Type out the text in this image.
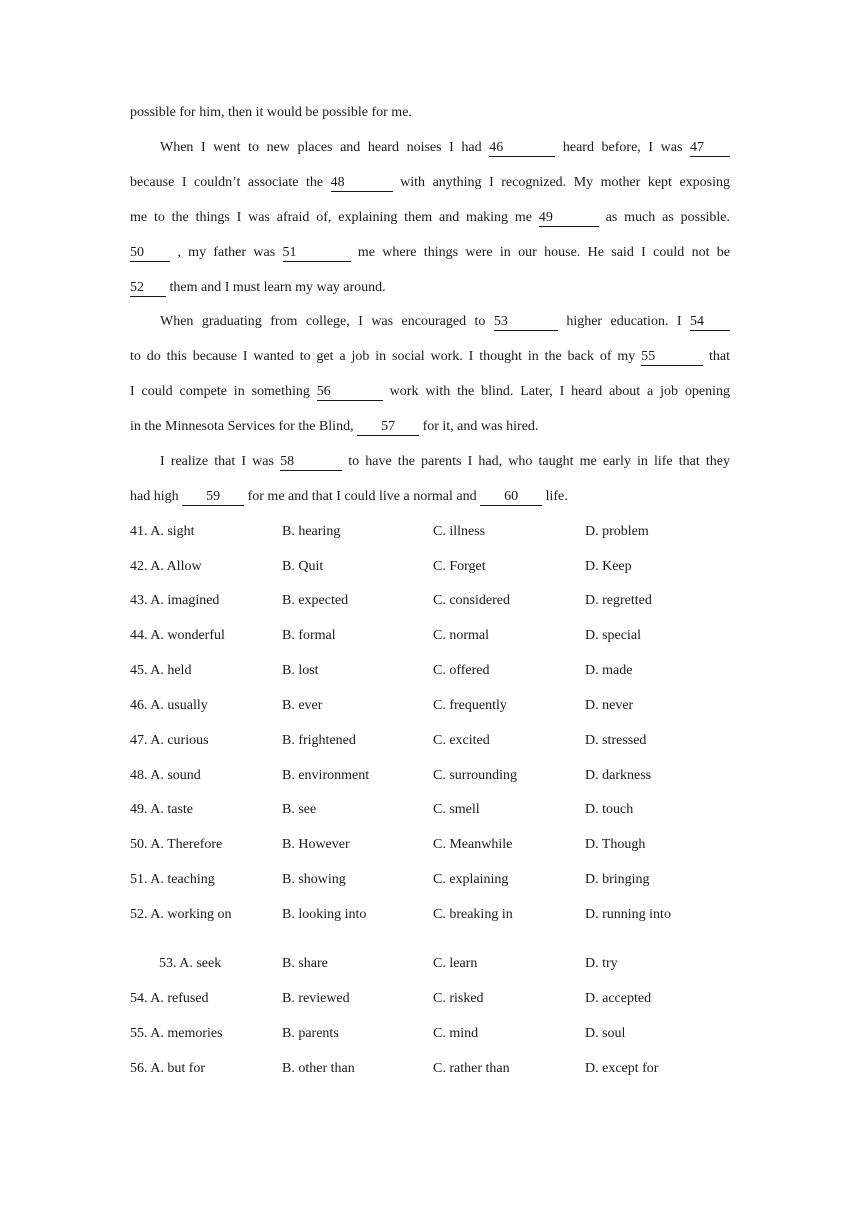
possible for him, then it would be possible for me.
When I went to new places and heard noises I had 46	heard before, I was 47
because I couldn’t associate the 48	with anything I recognized. My mother kept exposing
me to the things I was afraid of, explaining them and making me 49	as much as possible.
50 , my father was 51	me where things were in our house. He said I could not be
52 them and I must learn my way around.
When graduating from college, I was encouraged to 53	higher education. I 54
to do this because I wanted to get a job in social work. I thought in the back of my 55	that
I could compete in something 56	work with the blind. Later, I heard about a job opening
in the Minnesota Services for the Blind, 57 for it, and was hired.
I realize that I was 58	to have the parents I had, who taught me early in life that they
had high 59 for me and that I could live a normal and 60 life.
41. A. sight	B. hearing	C. illness	D. problem
42. A. Allow	B. Quit	C. Forget	D. Keep
43. A. imagined	B. expected	C. considered	D. regretted
44. A. wonderful	B. formal	C. normal	D. special
45. A. held	B. lost	C. offered	D. made
46. A. usually	B. ever	C. frequently	D. never
47. A. curious	B. frightened	C. excited	D. stressed
48. A. sound	B. environment	C. surrounding	D. darkness
49. A. taste	B. see	C. smell	D. touch
50. A. Therefore	B. However	C. Meanwhile	D. Though
51. A. teaching	B. showing	C. explaining	D. bringing
52. A. working on	B. looking into	C. breaking in	D. running into
53. A. seek	B. share	C. learn	D. try
54. A. refused	B. reviewed	C. risked	D. accepted
55. A. memories	B. parents	C. mind	D. soul
56. A. but for	B. other than	C. rather than	D. except for
